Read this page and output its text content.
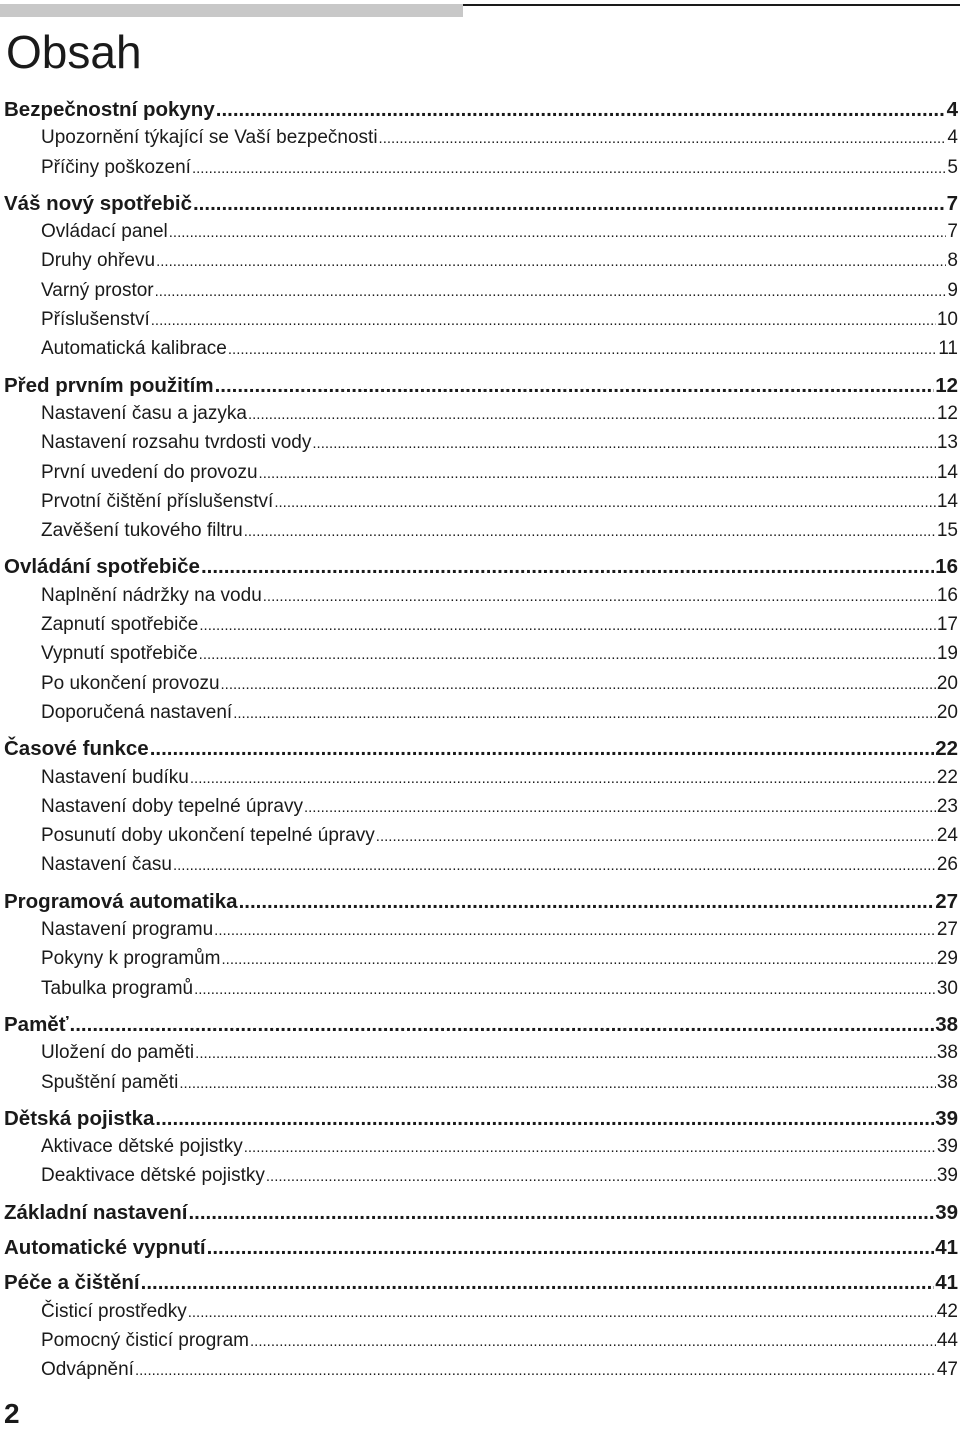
Obsah
Bezpečnostní pokyny .....	4
Upozornění týkající se Vaší bezpečnosti .....	4
Příčiny poškození .....	5
Váš nový spotřebič .....	7
Ovládací panel .....	7
Druhy ohřevu .....	8
Varný prostor .....	9
Příslušenství .....	10
Automatická kalibrace .....	11
Před prvním použitím .....	12
Nastavení času a jazyka .....	12
Nastavení rozsahu tvrdosti vody .....	13
První uvedení do provozu .....	14
Prvotní čištění příslušenství .....	14
Zavěšení tukového filtru .....	15
Ovládání spotřebiče .....	16
Naplnění nádržky na vodu .....	16
Zapnutí spotřebiče .....	17
Vypnutí spotřebiče .....	19
Po ukončení provozu .....	20
Doporučená nastavení .....	20
Časové funkce .....	22
Nastavení budíku .....	22
Nastavení doby tepelné úpravy .....	23
Posunutí doby ukončení tepelné úpravy .....	24
Nastavení času .....	26
Programová automatika .....	27
Nastavení programu .....	27
Pokyny k programům .....	29
Tabulka programů .....	30
Paměť .....	38
Uložení do paměti .....	38
Spuštění paměti .....	38
Dětská pojistka .....	39
Aktivace dětské pojistky .....	39
Deaktivace dětské pojistky .....	39
Základní nastavení .....	39
Automatické vypnutí .....	41
Péče a čištění .....	41
Čisticí prostředky .....	42
Pomocný čisticí program .....	44
Odvápnění .....	47
2
